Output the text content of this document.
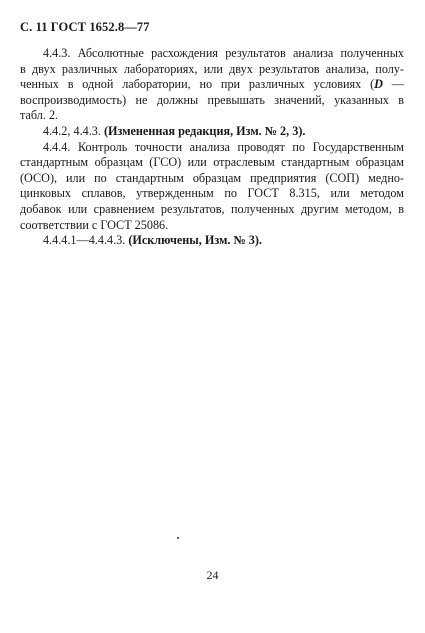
С. 11 ГОСТ 1652.8—77
4.4.3. Абсолютные расхождения результатов анализа полученных
в двух различных лабораториях, или двух результатов анализа, полу-
ченных в одной лаборатории, но при различных условиях (D —
воспроизводимость) не должны превышать значений, указанных в
табл. 2.
4.4.2, 4.4.3. (Измененная редакция, Изм. № 2, 3).
4.4.4. Контроль точности анализа проводят по Государственным
стандартным образцам (ГСО) или отраслевым стандартным образцам
(ОСО), или по стандартным образцам предприятия (СОП) медно-
цинковых сплавов, утвержденным по ГОСТ 8.315, или методом
добавок или сравнением результатов, полученных другим методом, в
соответствии с ГОСТ 25086.
4.4.4.1—4.4.4.3. (Исключены, Изм. № 3).
24
